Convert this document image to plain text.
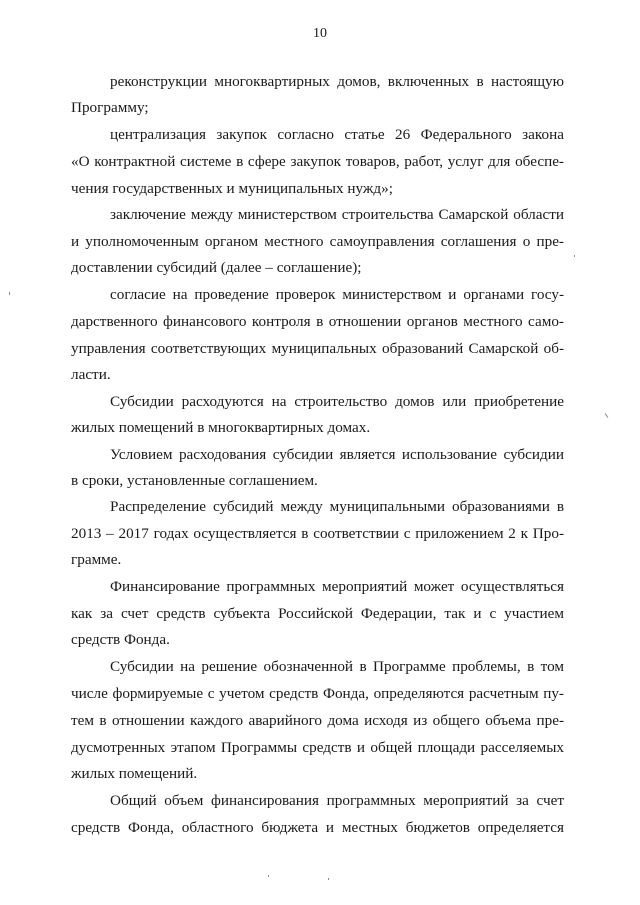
10
реконструкции многоквартирных домов, включенных в настоящую
Программу;
централизация закупок согласно статье 26 Федерального закона
«О контрактной системе в сфере закупок товаров, работ, услуг для обеспе-
чения государственных и муниципальных нужд»;
заключение между министерством строительства Самарской области
и уполномоченным органом местного самоуправления соглашения о пре-
доставлении субсидий (далее – соглашение);
согласие на проведение проверок министерством и органами госу-
дарственного финансового контроля в отношении органов местного само-
управления соответствующих муниципальных образований Самарской об-
ласти.
Субсидии расходуются на строительство домов или приобретение
жилых помещений в многоквартирных домах.
Условием расходования субсидии является использование субсидии
в сроки, установленные соглашением.
Распределение субсидий между муниципальными образованиями в
2013 – 2017 годах осуществляется в соответствии с приложением 2 к Про-
грамме.
Финансирование программных мероприятий может осуществляться
как за счет средств субъекта Российской Федерации, так и с участием
средств Фонда.
Субсидии на решение обозначенной в Программе проблемы, в том
числе формируемые с учетом средств Фонда, определяются расчетным пу-
тем в отношении каждого аварийного дома исходя из общего объема пре-
дусмотренных этапом Программы средств и общей площади расселяемых
жилых помещений.
Общий объем финансирования программных мероприятий за счет
средств Фонда, областного бюджета и местных бюджетов определяется
